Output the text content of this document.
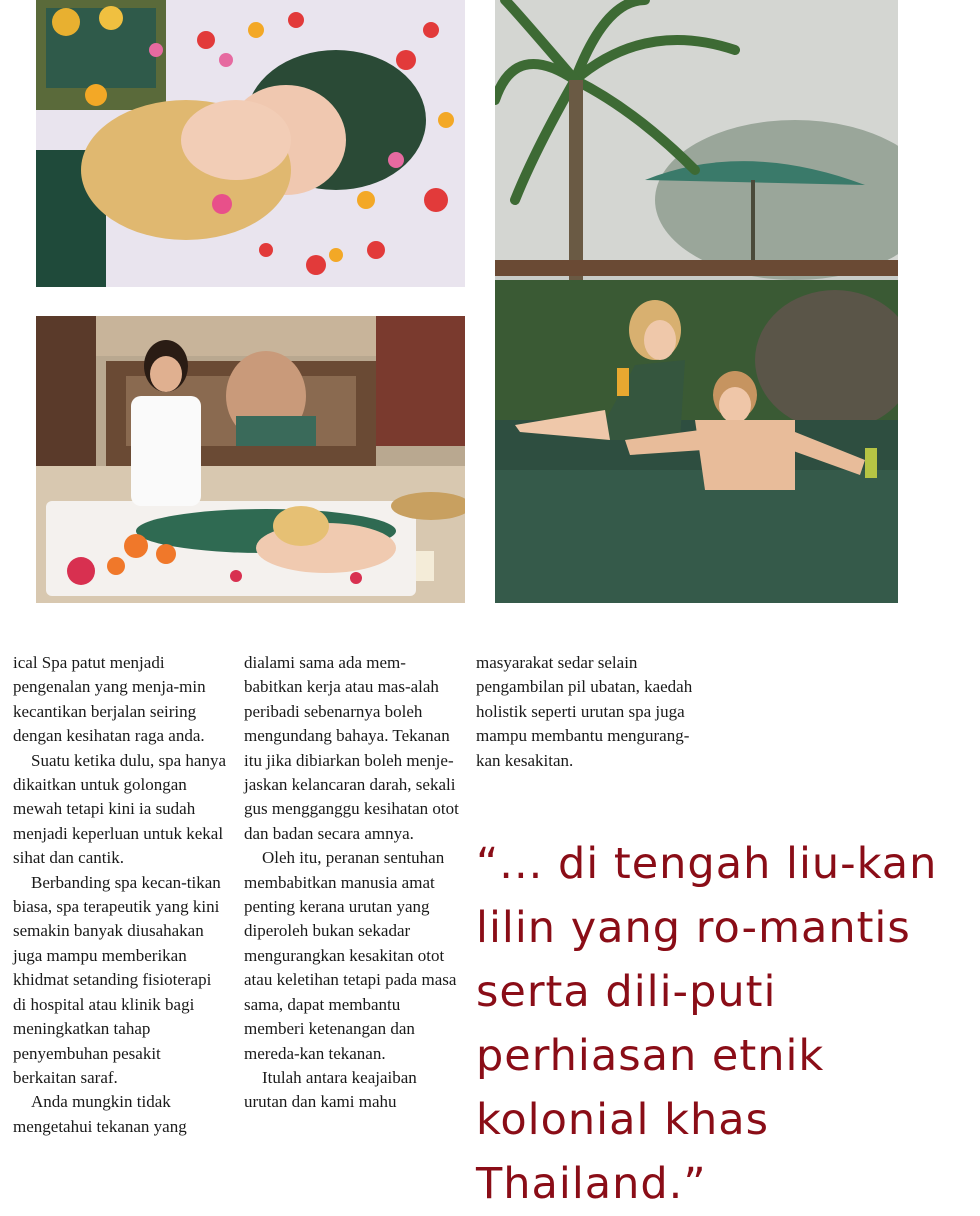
ical Spa patut menjadi pengenalan yang menja-min kecantikan berjalan seiring dengan kesihatan raga anda.

Suatu ketika dulu, spa hanya dikaitkan untuk golongan mewah tetapi kini ia sudah menjadi keperluan untuk kekal sihat dan cantik.

Berbanding spa kecan-tikan biasa, spa terapeutik yang kini semakin banyak diusahakan juga mampu memberikan khidmat setanding fisioterapi di hospital atau klinik bagi meningkatkan tahap penyembuhan pesakit berkaitan saraf.

Anda mungkin tidak mengetahui tekanan yang

dialami sama ada mem-babitkan kerja atau mas-alah peribadi sebenarnya boleh mengundang bahaya. Tekanan itu jika dibiarkan boleh menje-jaskan kelancaran darah, sekali gus mengganggu kesihatan otot dan badan secara amnya.

Oleh itu, peranan sentuhan membabitkan manusia amat penting kerana urutan yang diperoleh bukan sekadar mengurangkan kesakitan otot atau keletihan tetapi pada masa sama, dapat membantu memberi ketenangan dan mereda-kan tekanan.

Itulah antara keajaiban urutan dan kami mahu

masyarakat sedar selain pengambilan pil ubatan, kaedah holistik seperti urutan spa juga mampu membantu mengurang-kan kesakitan.

“... di tengah liu-kan lilin yang ro-mantis serta dili-puti perhiasan etnik kolonial khas Thailand.”
